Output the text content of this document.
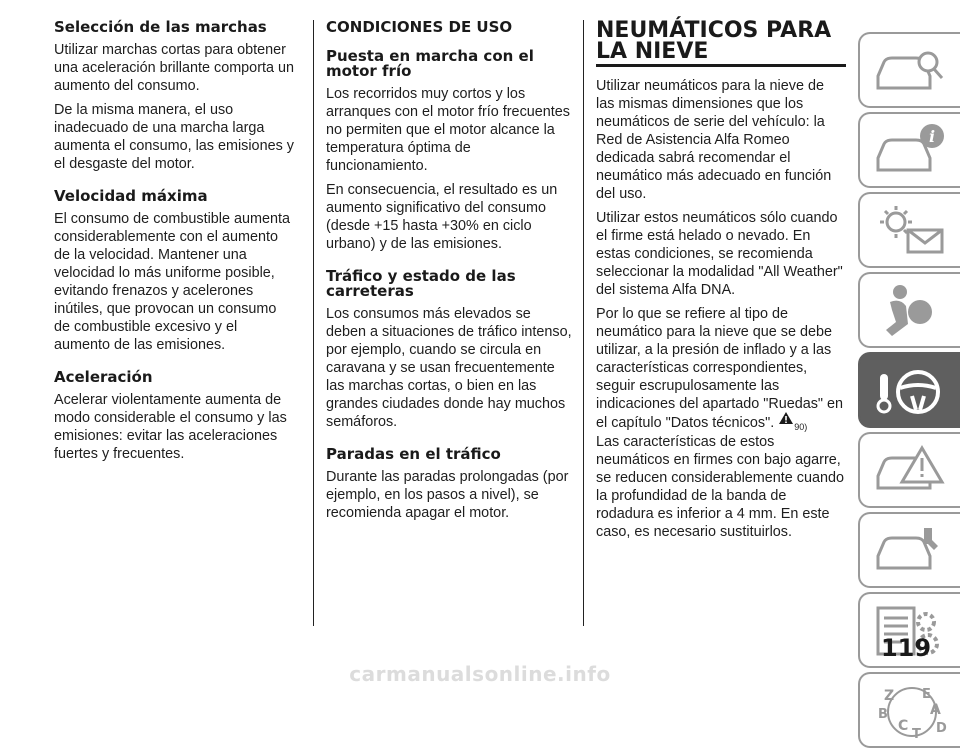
Selección de las marchas

Utilizar marchas cortas para obtener una aceleración brillante comporta un aumento del consumo.

De la misma manera, el uso inadecuado de una marcha larga aumenta el consumo, las emisiones y el desgaste del motor.

Velocidad máxima

El consumo de combustible aumenta considerablemente con el aumento de la velocidad. Mantener una velocidad lo más uniforme posible, evitando frenazos y acelerones inútiles, que provocan un consumo de combustible excesivo y el aumento de las emisiones.

Aceleración

Acelerar violentamente aumenta de modo considerable el consumo y las emisiones: evitar las aceleraciones fuertes y frecuentes.

CONDICIONES DE USO
Puesta en marcha con el motor frío

Los recorridos muy cortos y los arranques con el motor frío frecuentes no permiten que el motor alcance la temperatura óptima de funcionamiento.

En consecuencia, el resultado es un aumento significativo del consumo (desde +15 hasta +30% en ciclo urbano) y de las emisiones.

Tráfico y estado de las carreteras

Los consumos más elevados se deben a situaciones de tráfico intenso, por ejemplo, cuando se circula en caravana y se usan frecuentemente las marchas cortas, o bien en las grandes ciudades donde hay muchos semáforos.

Paradas en el tráfico

Durante las paradas prolongadas (por ejemplo, en los pasos a nivel), se recomienda apagar el motor.

NEUMÁTICOS PARA
LA NIEVE

Utilizar neumáticos para la nieve de las mismas dimensiones que los neumáticos de serie del vehículo: la Red de Asistencia Alfa Romeo dedicada sabrá recomendar el neumático más adecuado en función del uso.

Utilizar estos neumáticos sólo cuando el firme está helado o nevado. En estas condiciones, se recomienda seleccionar la modalidad "All Weather" del sistema Alfa DNA.

Por lo que se refiere al tipo de neumático para la nieve que se debe utilizar, a la presión de inflado y a las características correspondientes, seguir escrupulosamente las indicaciones del apartado "Ruedas" en el capítulo "Datos técnicos". $_{90)}$

Las características de estos neumáticos en firmes con bajo agarre, se reducen considerablemente cuando la profundidad de la banda de rodadura es inferior a 4 mm. En este caso, es necesario sustituirlos.

i
Z E
A
B
C
T D
119
carmanualsonline.info
